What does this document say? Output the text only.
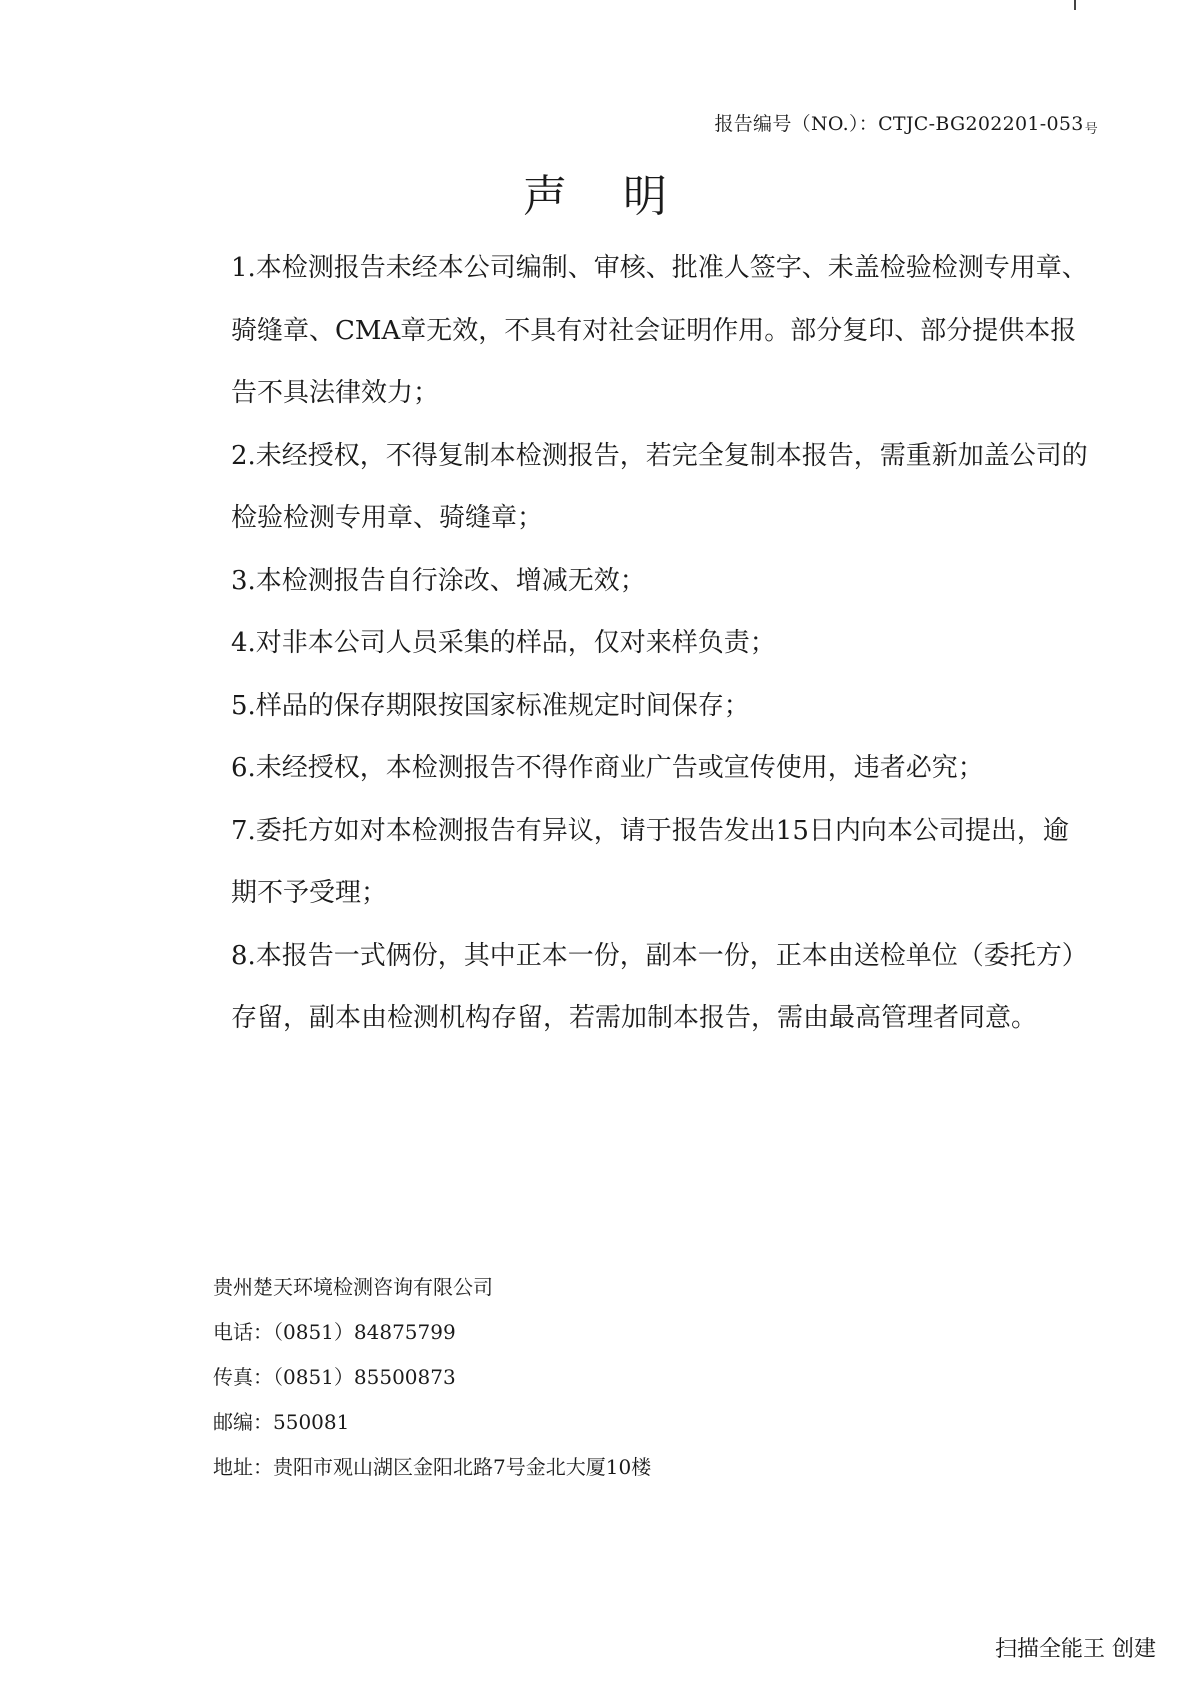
报告编号（NO.）：CTJC-BG202201-053号
声明
1.本检测报告未经本公司编制、审核、批准人签字、未盖检验检测专用章、骑缝章、CMA章无效，不具有对社会证明作用。部分复印、部分提供本报告不具法律效力；
2.未经授权，不得复制本检测报告，若完全复制本报告，需重新加盖公司的检验检测专用章、骑缝章；
3.本检测报告自行涂改、增减无效；
4.对非本公司人员采集的样品，仅对来样负责；
5.样品的保存期限按国家标准规定时间保存；
6.未经授权，本检测报告不得作商业广告或宣传使用，违者必究；
7.委托方如对本检测报告有异议，请于报告发出15日内向本公司提出，逾期不予受理；
8.本报告一式俩份，其中正本一份，副本一份，正本由送检单位（委托方）存留，副本由检测机构存留，若需加制本报告，需由最高管理者同意。
贵州楚天环境检测咨询有限公司
电话：（0851）84875799
传真：（0851）85500873
邮编：550081
地址：贵阳市观山湖区金阳北路7号金北大厦10楼
扫描全能王 创建
